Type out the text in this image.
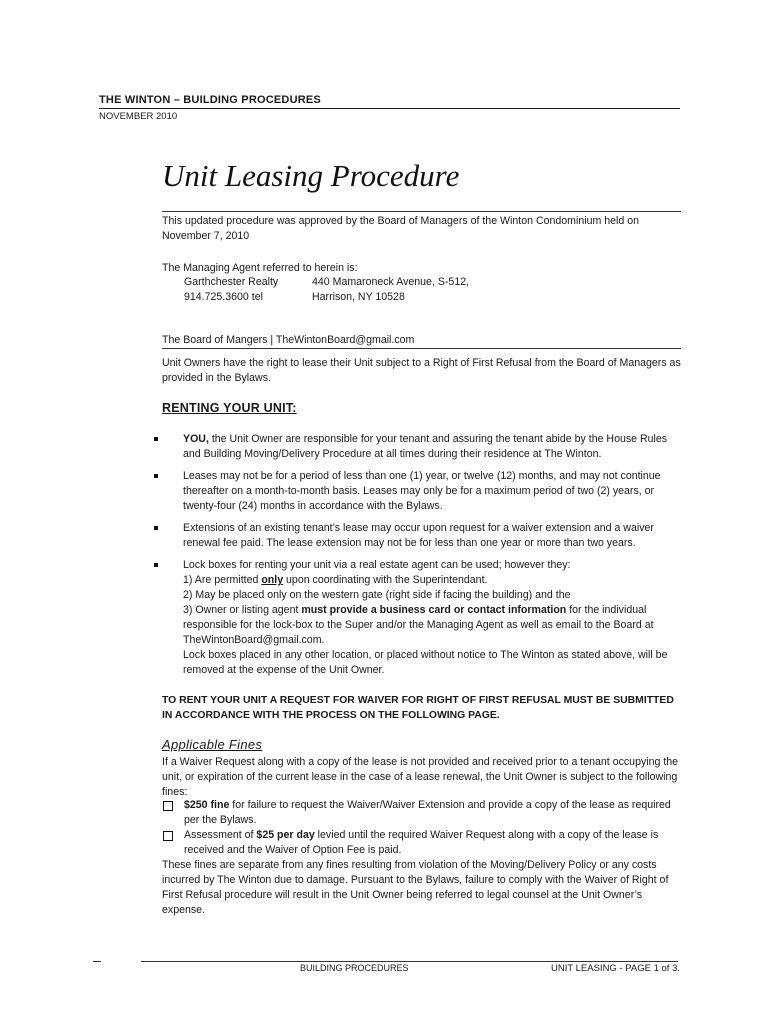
THE WINTON – BUILDING PROCEDURES
NOVEMBER 2010
Unit Leasing Procedure
This updated procedure was approved by the Board of Managers of the Winton Condominium held on November 7, 2010
The Managing Agent referred to herein is:
Garthchester Realty	440 Mamaroneck Avenue, S-512,
914.725.3600 tel	Harrison, NY 10528
The Board of Mangers | TheWintonBoard@gmail.com
Unit Owners have the right to lease their Unit subject to a Right of First Refusal from the Board of Managers as provided in the Bylaws.
RENTING YOUR UNIT:
YOU, the Unit Owner are responsible for your tenant and assuring the tenant abide by the House Rules and Building Moving/Delivery Procedure at all times during their residence at The Winton.
Leases may not be for a period of less than one (1) year, or twelve (12) months, and may not continue thereafter on a month-to-month basis. Leases may only be for a maximum period of two (2) years, or twenty-four (24) months in accordance with the Bylaws.
Extensions of an existing tenant’s lease may occur upon request for a waiver extension and a waiver renewal fee paid. The lease extension may not be for less than one year or more than two years.
Lock boxes for renting your unit via a real estate agent can be used; however they:
1) Are permitted only upon coordinating with the Superintendant.
2) May be placed only on the western gate (right side if facing the building) and the
3) Owner or listing agent must provide a business card or contact information for the individual responsible for the lock-box to the Super and/or the Managing Agent as well as email to the Board at TheWintonBoard@gmail.com.
Lock boxes placed in any other location, or placed without notice to The Winton as stated above, will be removed at the expense of the Unit Owner.
TO RENT YOUR UNIT A REQUEST FOR WAIVER FOR RIGHT OF FIRST REFUSAL MUST BE SUBMITTED IN ACCORDANCE WITH THE PROCESS ON THE FOLLOWING PAGE.
Applicable Fines
If a Waiver Request along with a copy of the lease is not provided and received prior to a tenant occupying the unit, or expiration of the current lease in the case of a lease renewal, the Unit Owner is subject to the following fines:
$250 fine for failure to request the Waiver/Waiver Extension and provide a copy of the lease as required per the Bylaws.
Assessment of $25 per day levied until the required Waiver Request along with a copy of the lease is received and the Waiver of Option Fee is paid.
These fines are separate from any fines resulting from violation of the Moving/Delivery Policy or any costs incurred by The Winton due to damage. Pursuant to the Bylaws, failure to comply with the Waiver of Right of First Refusal procedure will result in the Unit Owner being referred to legal counsel at the Unit Owner’s expense.
BUILDING PROCEDURES	UNIT LEASING - PAGE 1 of 3.
